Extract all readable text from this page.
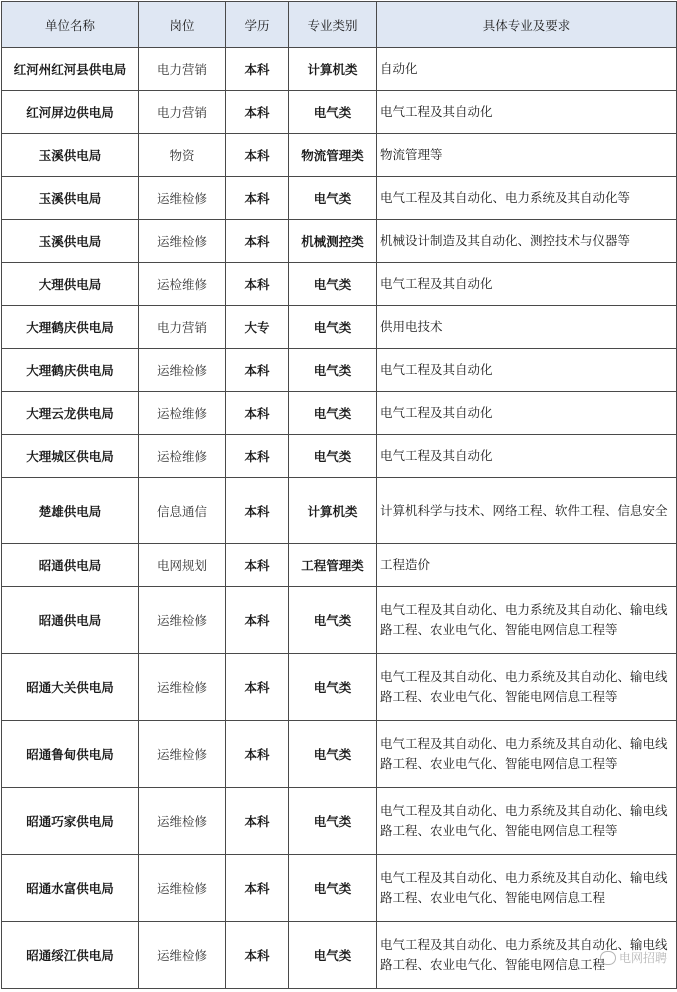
单位名称	岗位	学历	专业类别	具体专业及要求
红河州红河县供电局	电力营销	本科	计算机类	自动化
红河屏边供电局	电力营销	本科	电气类	电气工程及其自动化
玉溪供电局	物资	本科	物流管理类	物流管理等
玉溪供电局	运维检修	本科	电气类	电气工程及其自动化、电力系统及其自动化等
玉溪供电局	运维检修	本科	机械测控类	机械设计制造及其自动化、测控技术与仪器等
大理供电局	运检维修	本科	电气类	电气工程及其自动化
大理鹤庆供电局	电力营销	大专	电气类	供用电技术
大理鹤庆供电局	运维检修	本科	电气类	电气工程及其自动化
大理云龙供电局	运检维修	本科	电气类	电气工程及其自动化
大理城区供电局	运检维修	本科	电气类	电气工程及其自动化
楚雄供电局	信息通信	本科	计算机类	计算机科学与技术、网络工程、软件工程、信息安全
昭通供电局	电网规划	本科	工程管理类	工程造价
昭通供电局	运维检修	本科	电气类	电气工程及其自动化、电力系统及其自动化、输电线路工程、农业电气化、智能电网信息工程等
昭通大关供电局	运维检修	本科	电气类	电气工程及其自动化、电力系统及其自动化、输电线路工程、农业电气化、智能电网信息工程等
昭通鲁甸供电局	运维检修	本科	电气类	电气工程及其自动化、电力系统及其自动化、输电线路工程、农业电气化、智能电网信息工程等
昭通巧家供电局	运维检修	本科	电气类	电气工程及其自动化、电力系统及其自动化、输电线路工程、农业电气化、智能电网信息工程等
昭通水富供电局	运维检修	本科	电气类	电气工程及其自动化、电力系统及其自动化、输电线路工程、农业电气化、智能电网信息工程
昭通绥江供电局	运维检修	本科	电气类	电气工程及其自动化、电力系统及其自动化、输电线路工程、农业电气化、智能电网信息工程 电网招聘
